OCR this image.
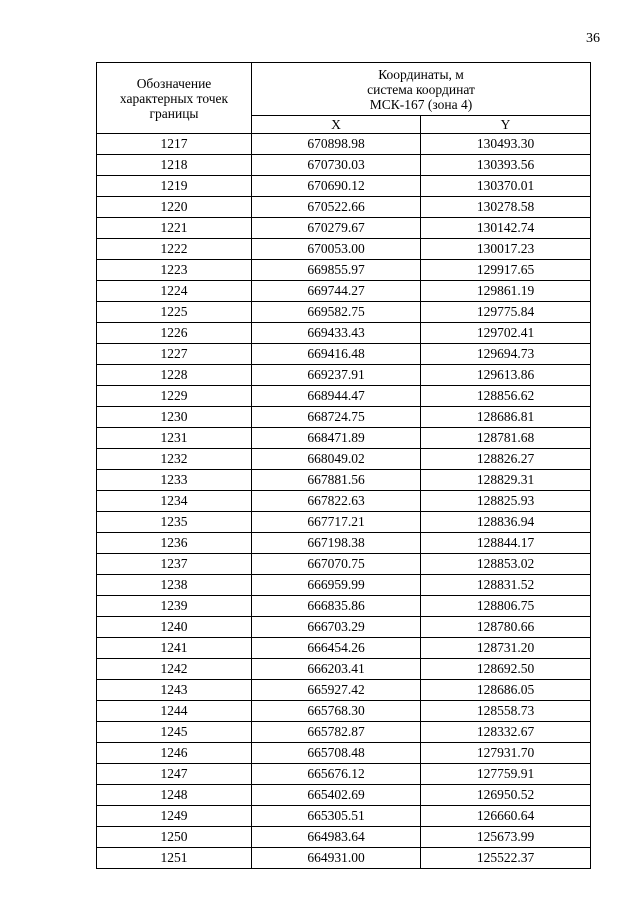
36
Обозначение
характерных точек
границы	Координаты, м
система координат
МСК-167 (зона 4)	

	X	Y
1217	670898.98	130493.30
1218	670730.03	130393.56
1219	670690.12	130370.01
1220	670522.66	130278.58
1221	670279.67	130142.74
1222	670053.00	130017.23
1223	669855.97	129917.65
1224	669744.27	129861.19
1225	669582.75	129775.84
1226	669433.43	129702.41
1227	669416.48	129694.73
1228	669237.91	129613.86
1229	668944.47	128856.62
1230	668724.75	128686.81
1231	668471.89	128781.68
1232	668049.02	128826.27
1233	667881.56	128829.31
1234	667822.63	128825.93
1235	667717.21	128836.94
1236	667198.38	128844.17
1237	667070.75	128853.02
1238	666959.99	128831.52
1239	666835.86	128806.75
1240	666703.29	128780.66
1241	666454.26	128731.20
1242	666203.41	128692.50
1243	665927.42	128686.05
1244	665768.30	128558.73
1245	665782.87	128332.67
1246	665708.48	127931.70
1247	665676.12	127759.91
1248	665402.69	126950.52
1249	665305.51	126660.64
1250	664983.64	125673.99
1251	664931.00	125522.37
